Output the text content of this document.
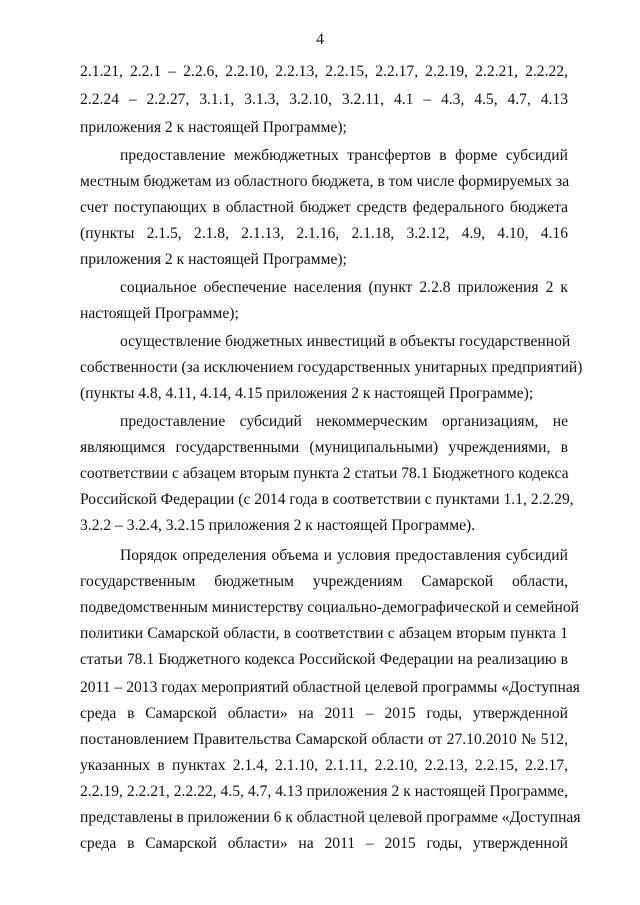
4
2.1.21, 2.2.1 – 2.2.6, 2.2.10, 2.2.13, 2.2.15, 2.2.17, 2.2.19, 2.2.21, 2.2.22,
2.2.24 – 2.2.27, 3.1.1, 3.1.3, 3.2.10, 3.2.11, 4.1 – 4.3, 4.5, 4.7, 4.13
приложения 2 к настоящей Программе);
предоставление межбюджетных трансфертов в форме субсидий
местным бюджетам из областного бюджета, в том числе формируемых за
счет поступающих в областной бюджет средств федерального бюджета
(пункты 2.1.5, 2.1.8, 2.1.13, 2.1.16, 2.1.18, 3.2.12, 4.9, 4.10, 4.16
приложения 2 к настоящей Программе);
социальное обеспечение населения (пункт 2.2.8 приложения 2 к
настоящей Программе);
осуществление бюджетных инвестиций в объекты государственной
собственности (за исключением государственных унитарных предприятий)
(пункты 4.8, 4.11, 4.14, 4.15 приложения 2 к настоящей Программе);
предоставление субсидий некоммерческим организациям, не
являющимся государственными (муниципальными) учреждениями, в
соответствии с абзацем вторым пункта 2 статьи 78.1 Бюджетного кодекса
Российской Федерации (с 2014 года в соответствии с пунктами 1.1, 2.2.29,
3.2.2 – 3.2.4, 3.2.15 приложения 2 к настоящей Программе).
Порядок определения объема и условия предоставления субсидий
государственным бюджетным учреждениям Самарской области,
подведомственным министерству социально-демографической и семейной
политики Самарской области, в соответствии с абзацем вторым пункта 1
статьи 78.1 Бюджетного кодекса Российской Федерации на реализацию в
2011 – 2013 годах мероприятий областной целевой программы «Доступная
среда в Самарской области» на 2011 – 2015 годы, утвержденной
постановлением Правительства Самарской области от 27.10.2010 № 512,
указанных в пунктах 2.1.4, 2.1.10, 2.1.11, 2.2.10, 2.2.13, 2.2.15, 2.2.17,
2.2.19, 2.2.21, 2.2.22, 4.5, 4.7, 4.13 приложения 2 к настоящей Программе,
представлены в приложении 6 к областной целевой программе «Доступная
среда в Самарской области» на 2011 – 2015 годы, утвержденной
